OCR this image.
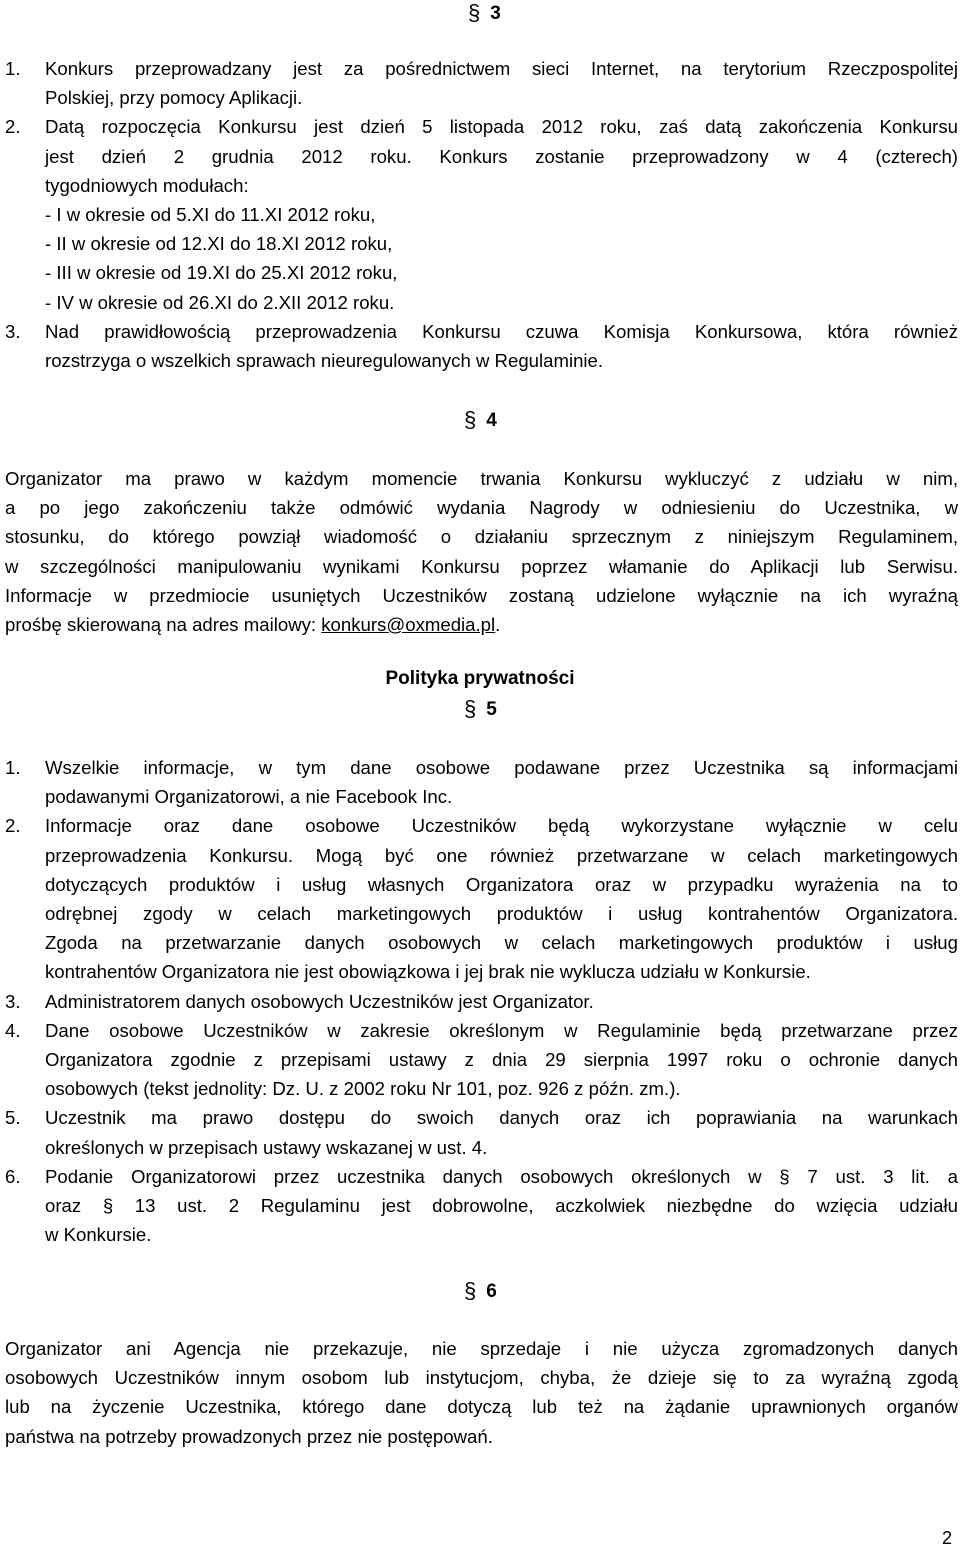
§ 3
1. Konkurs przeprowadzany jest za pośrednictwem sieci Internet, na terytorium Rzeczpospolitej
Polskiej, przy pomocy Aplikacji.
2. Datą rozpoczęcia Konkursu jest dzień 5 listopada 2012 roku, zaś datą zakończenia Konkursu
jest dzień 2 grudnia 2012 roku. Konkurs zostanie przeprowadzony w 4 (czterech)
tygodniowych modułach:
- I w okresie od 5.XI do 11.XI 2012 roku,
- II w okresie od 12.XI do 18.XI 2012 roku,
- III w okresie od 19.XI do 25.XI 2012 roku,
- IV w okresie od 26.XI do 2.XII 2012 roku.
3. Nad prawidłowością przeprowadzenia Konkursu czuwa Komisja Konkursowa, która również
rozstrzyga o wszelkich sprawach nieuregulowanych w Regulaminie.
§ 4
Organizator ma prawo w każdym momencie trwania Konkursu wykluczyć z udziału w nim,
a po jego zakończeniu także odmówić wydania Nagrody w odniesieniu do Uczestnika, w
stosunku, do którego powziął wiadomość o działaniu sprzecznym z niniejszym Regulaminem,
w szczególności manipulowaniu wynikami Konkursu poprzez włamanie do Aplikacji lub Serwisu.
Informacje w przedmiocie usuniętych Uczestników zostaną udzielone wyłącznie na ich wyraźną
prośbę skierowaną na adres mailowy: konkurs@oxmedia.pl.
Polityka prywatności
§ 5
1. Wszelkie informacje, w tym dane osobowe podawane przez Uczestnika są informacjami
podawanymi Organizatorowi, a nie Facebook Inc.
2. Informacje oraz dane osobowe Uczestników będą wykorzystane wyłącznie w celu
przeprowadzenia Konkursu. Mogą być one również przetwarzane w celach marketingowych
dotyczących produktów i usług własnych Organizatora oraz w przypadku wyrażenia na to
odrębnej zgody w celach marketingowych produktów i usług kontrahentów Organizatora.
Zgoda na przetwarzanie danych osobowych w celach marketingowych produktów i usług
kontrahentów Organizatora nie jest obowiązkowa i jej brak nie wyklucza udziału w Konkursie.
3. Administratorem danych osobowych Uczestników jest Organizator.
4. Dane osobowe Uczestników w zakresie określonym w Regulaminie będą przetwarzane przez
Organizatora zgodnie z przepisami ustawy z dnia 29 sierpnia 1997 roku o ochronie danych
osobowych (tekst jednolity: Dz. U. z 2002 roku Nr 101, poz. 926 z późn. zm.).
5. Uczestnik ma prawo dostępu do swoich danych oraz ich poprawiania na warunkach
określonych w przepisach ustawy wskazanej w ust. 4.
6. Podanie Organizatorowi przez uczestnika danych osobowych określonych w § 7 ust. 3 lit. a
oraz § 13 ust. 2 Regulaminu jest dobrowolne, aczkolwiek niezbędne do wzięcia udziału
w Konkursie.
§ 6
Organizator ani Agencja nie przekazuje, nie sprzedaje i nie użycza zgromadzonych danych
osobowych Uczestników innym osobom lub instytucjom, chyba, że dzieje się to za wyraźną zgodą
lub na życzenie Uczestnika, którego dane dotyczą lub też na żądanie uprawnionych organów
państwa na potrzeby prowadzonych przez nie postępowań.
2
